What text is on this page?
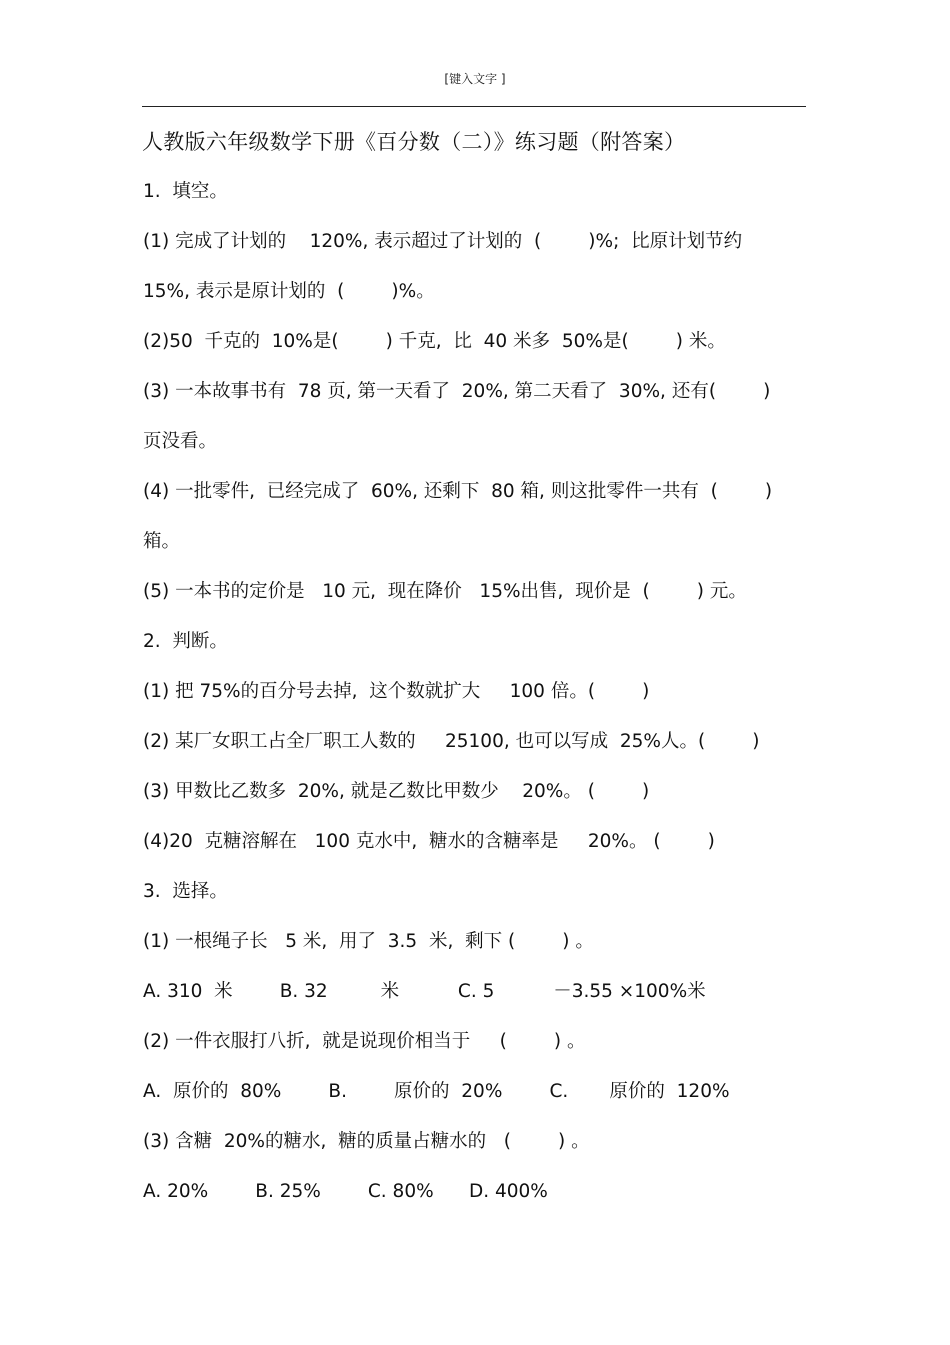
[键入文字 ]
人教版六年级数学下册《百分数（二）》练习题（附答案）
1.  填空。
(1) 完成了计划的    120%, 表示超过了计划的  (        )%;  比原计划节约
15%, 表示是原计划的  (        )%。
(2)50  千克的  10%是(        ) 千克,  比  40 米多  50%是(        ) 米。
(3) 一本故事书有  78 页, 第一天看了  20%, 第二天看了  30%, 还有(        )
页没看。
(4) 一批零件,  已经完成了  60%, 还剩下  80 箱, 则这批零件一共有  (        )
箱。
(5) 一本书的定价是   10 元,  现在降价   15%出售,  现价是  (        ) 元。
2.  判断。
(1) 把 75%的百分号去掉,  这个数就扩大     100 倍。(        )
(2) 某厂女职工占全厂职工人数的     25100, 也可以写成  25%人。(        )
(3) 甲数比乙数多  20%, 就是乙数比甲数少    20%。 (        )
(4)20  克糖溶解在   100 克水中,  糖水的含糖率是     20%。 (        )
3.  选择。
(1) 一根绳子长   5 米,  用了  3.5  米,  剩下 (        ) 。
A. 310  米        B. 32         米          C. 5          －3.55 ×100%米
(2) 一件衣服打八折,  就是说现价相当于     (        ) 。
A.  原价的  80%        B.        原价的  20%        C.       原价的  120%
(3) 含糖  20%的糖水,  糖的质量占糖水的   (        ) 。
A. 20%        B. 25%        C. 80%      D. 400%
